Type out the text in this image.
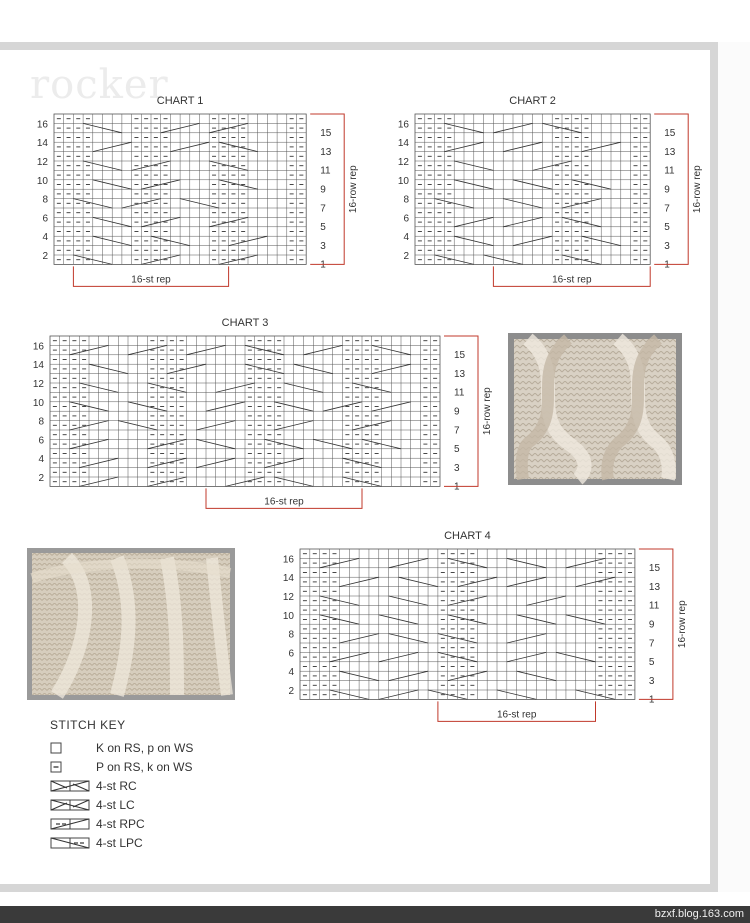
rocker
CHART 1
16
14
12
10
8
6
4
2
15
13
11
9
7
5
3
1
16-row rep
16-st rep
CHART 2
16
14
12
10
8
6
4
2
15
13
11
9
7
5
3
1
16-row rep
16-st rep
CHART 3
16
14
12
10
8
6
4
2
15
13
11
9
7
5
3
1
16-row rep
16-st rep
CHART 4
16
14
12
10
8
6
4
2
15
13
11
9
7
5
3
1
16-row rep
16-st rep
STITCH KEY
K on RS, p on WS
P on RS, k on WS
4-st RC
4-st LC
4-st RPC
4-st LPC
bzxf.blog.163.com
